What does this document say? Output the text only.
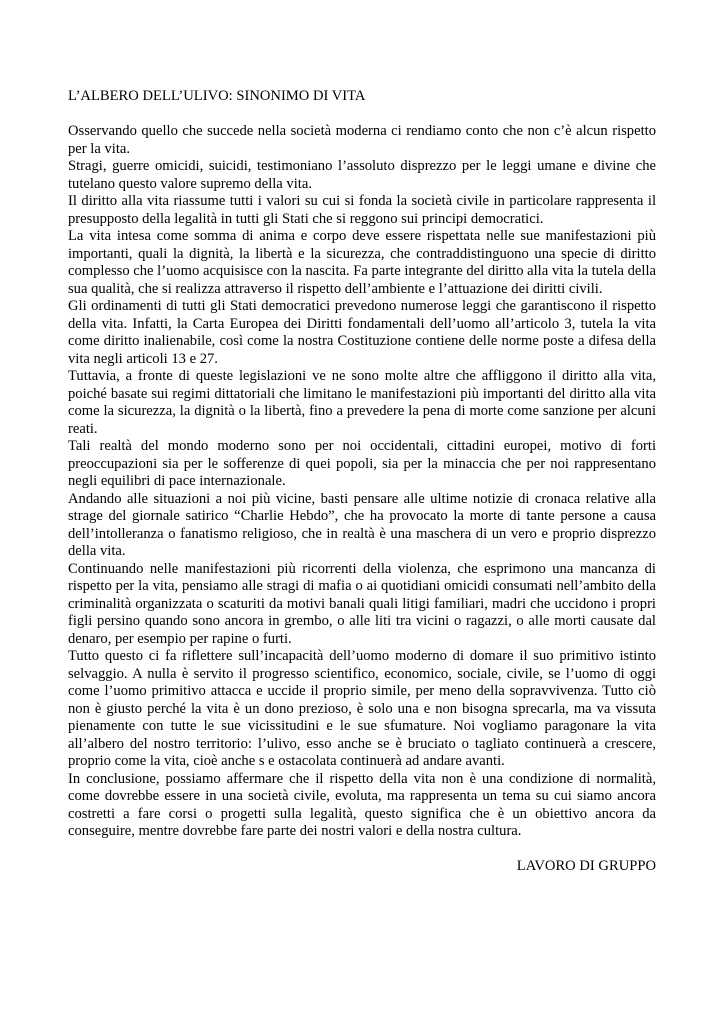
L’ALBERO DELL’ULIVO: SINONIMO DI VITA

Osservando quello che succede nella società moderna ci rendiamo conto che non c’è alcun rispetto per la vita.

Stragi, guerre omicidi, suicidi, testimoniano l’assoluto disprezzo per le leggi umane e divine che tutelano questo valore supremo della vita.

Il diritto alla vita riassume tutti i valori su cui si fonda la società civile in particolare rappresenta il presupposto della legalità in tutti gli Stati che si reggono sui principi democratici.

La vita intesa come somma di anima e corpo deve essere rispettata nelle sue manifestazioni più importanti, quali la dignità, la libertà e la sicurezza, che contraddistinguono una specie di diritto complesso che l’uomo acquisisce con la nascita. Fa parte integrante del diritto alla vita la tutela della sua qualità, che si realizza attraverso il rispetto dell’ambiente e l’attuazione dei diritti civili.

Gli ordinamenti di tutti gli Stati democratici prevedono numerose leggi che garantiscono il rispetto della vita. Infatti, la Carta Europea dei Diritti fondamentali dell’uomo all’articolo 3, tutela la vita come diritto inalienabile, così come la nostra Costituzione contiene delle norme poste a difesa della vita negli articoli 13 e 27.

Tuttavia, a fronte di queste legislazioni ve ne sono molte altre che affliggono il diritto alla vita, poiché basate sui regimi dittatoriali che limitano le manifestazioni più importanti del diritto alla vita come la sicurezza, la dignità o la libertà, fino a prevedere la pena di morte come sanzione per alcuni reati.

Tali realtà del mondo moderno sono per noi occidentali, cittadini europei, motivo di forti preoccupazioni sia per le sofferenze di quei popoli, sia per la minaccia che per noi rappresentano negli equilibri di pace internazionale.

Andando alle situazioni a noi più vicine, basti pensare alle ultime notizie di cronaca relative alla strage del giornale satirico “Charlie Hebdo”, che ha provocato la morte di tante persone a causa dell’intolleranza o fanatismo religioso, che in realtà è una maschera di un vero e proprio disprezzo della vita.

Continuando nelle manifestazioni più ricorrenti della violenza, che esprimono una mancanza di rispetto per la vita, pensiamo alle stragi di mafia o ai quotidiani omicidi consumati nell’ambito della criminalità organizzata o scaturiti da motivi banali quali litigi familiari, madri che uccidono i propri figli persino quando sono ancora in grembo, o alle liti tra vicini o ragazzi, o alle morti causate dal denaro, per esempio per rapine o furti.

Tutto questo ci fa riflettere sull’incapacità dell’uomo moderno di domare il suo primitivo istinto selvaggio. A nulla è servito il progresso scientifico, economico, sociale, civile, se l’uomo di oggi come l’uomo primitivo attacca e uccide il proprio simile, per meno della sopravvivenza. Tutto ciò non è giusto perché la vita è un dono prezioso, è solo una e non bisogna sprecarla, ma va vissuta pienamente con tutte le sue vicissitudini e le sue sfumature. Noi vogliamo paragonare la vita all’albero del nostro territorio: l’ulivo, esso anche se è bruciato o tagliato continuerà a crescere, proprio come la vita, cioè anche s e ostacolata continuerà ad andare avanti.

In conclusione, possiamo affermare che il rispetto della vita non è una condizione di normalità, come dovrebbe essere in una società civile, evoluta, ma rappresenta un tema su cui siamo ancora costretti a fare corsi o progetti sulla legalità, questo significa che è un obiettivo ancora da conseguire, mentre dovrebbe fare parte dei nostri valori e della nostra cultura.

LAVORO DI GRUPPO
